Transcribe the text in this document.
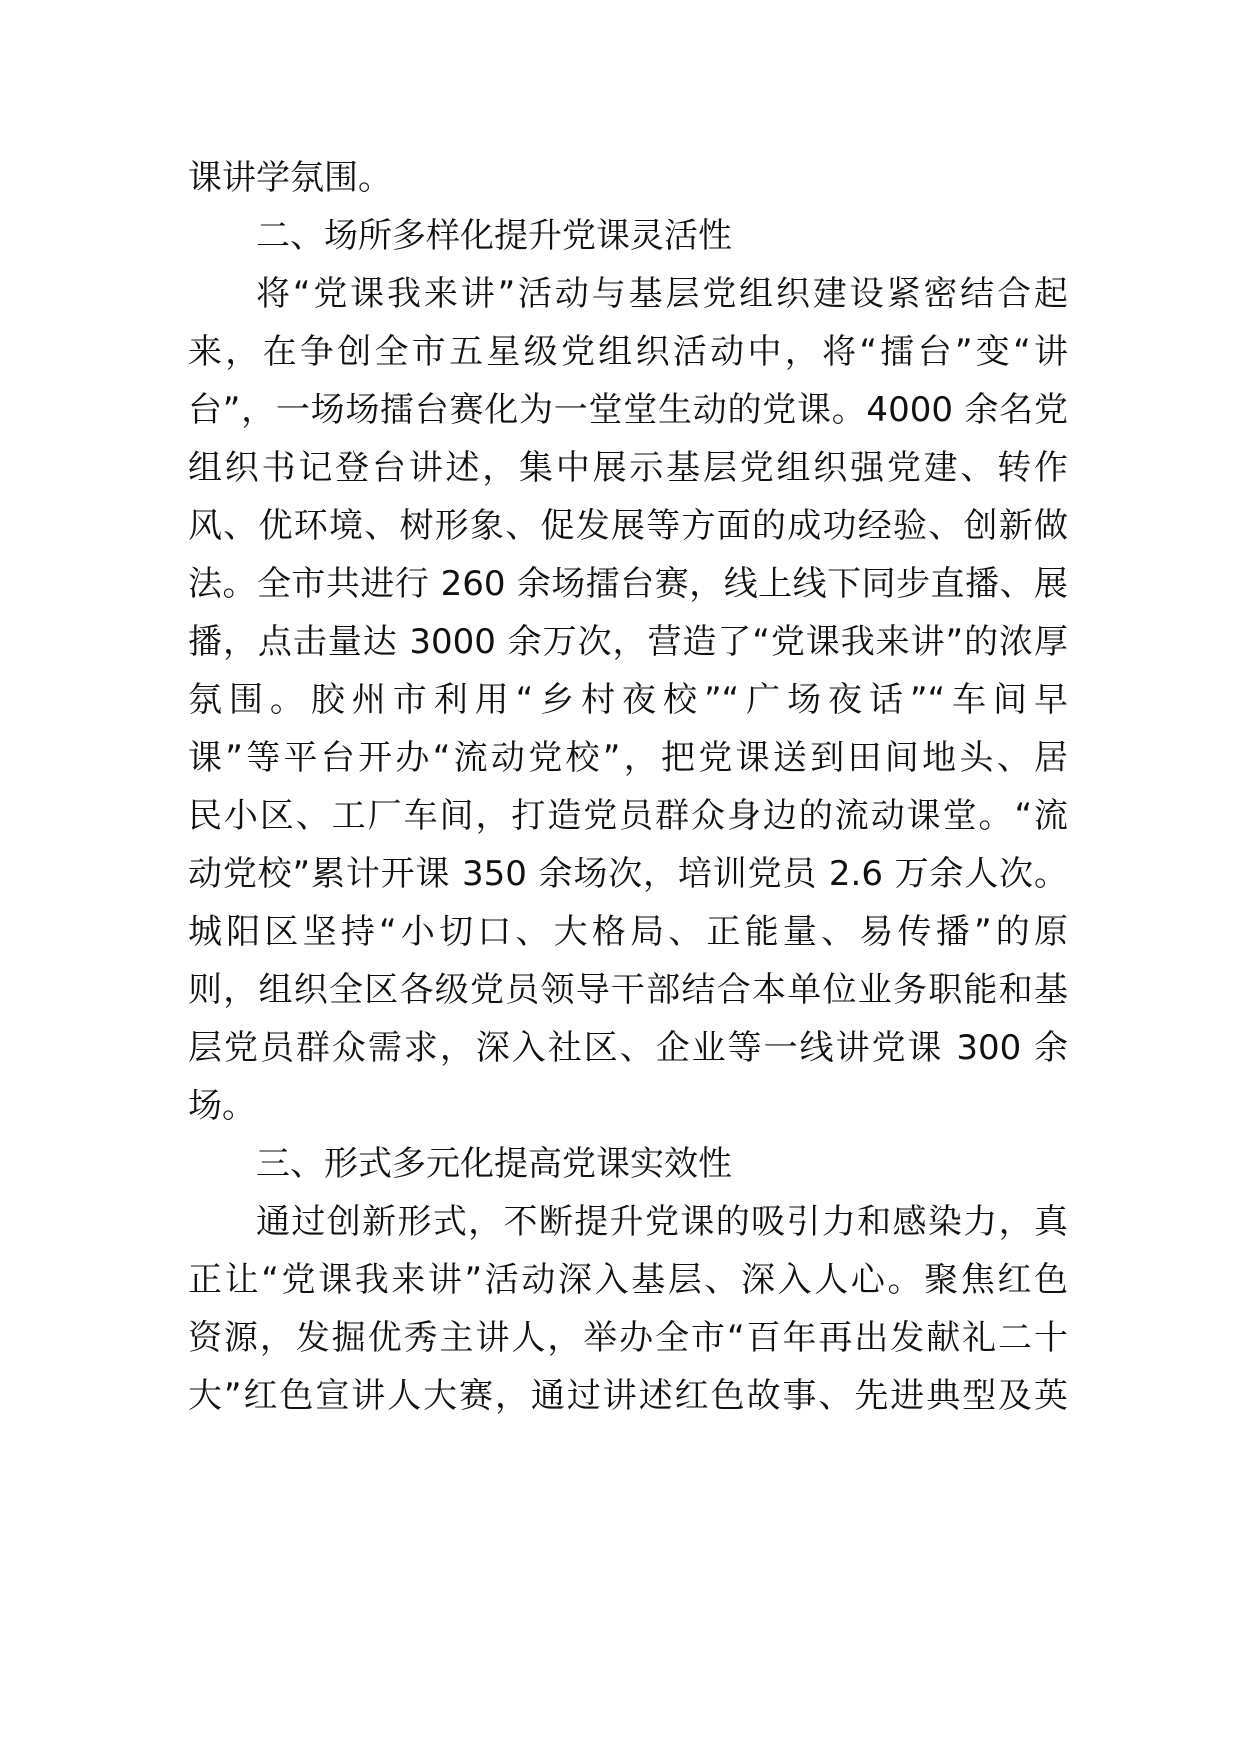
课讲学氛围。

二、场所多样化提升党课灵活性

将“党课我来讲”活动与基层党组织建设紧密结合起

来，在争创全市五星级党组织活动中，将“擂台”变“讲

台”，一场场擂台赛化为一堂堂生动的党课。4000 余名党

组织书记登台讲述，集中展示基层党组织强党建、转作

风、优环境、树形象、促发展等方面的成功经验、创新做

法。全市共进行 260 余场擂台赛，线上线下同步直播、展

播，点击量达 3000 余万次，营造了“党课我来讲”的浓厚

氛围。胶州市利用“乡村夜校”“广场夜话”“车间早

课”等平台开办“流动党校”，把党课送到田间地头、居

民小区、工厂车间，打造党员群众身边的流动课堂。“流

动党校”累计开课 350 余场次，培训党员 2.6 万余人次。

城阳区坚持“小切口、大格局、正能量、易传播”的原

则，组织全区各级党员领导干部结合本单位业务职能和基

层党员群众需求，深入社区、企业等一线讲党课 300 余

场。

三、形式多元化提高党课实效性

通过创新形式，不断提升党课的吸引力和感染力，真

正让“党课我来讲”活动深入基层、深入人心。聚焦红色

资源，发掘优秀主讲人，举办全市“百年再出发献礼二十

大”红色宣讲人大赛，通过讲述红色故事、先进典型及英
